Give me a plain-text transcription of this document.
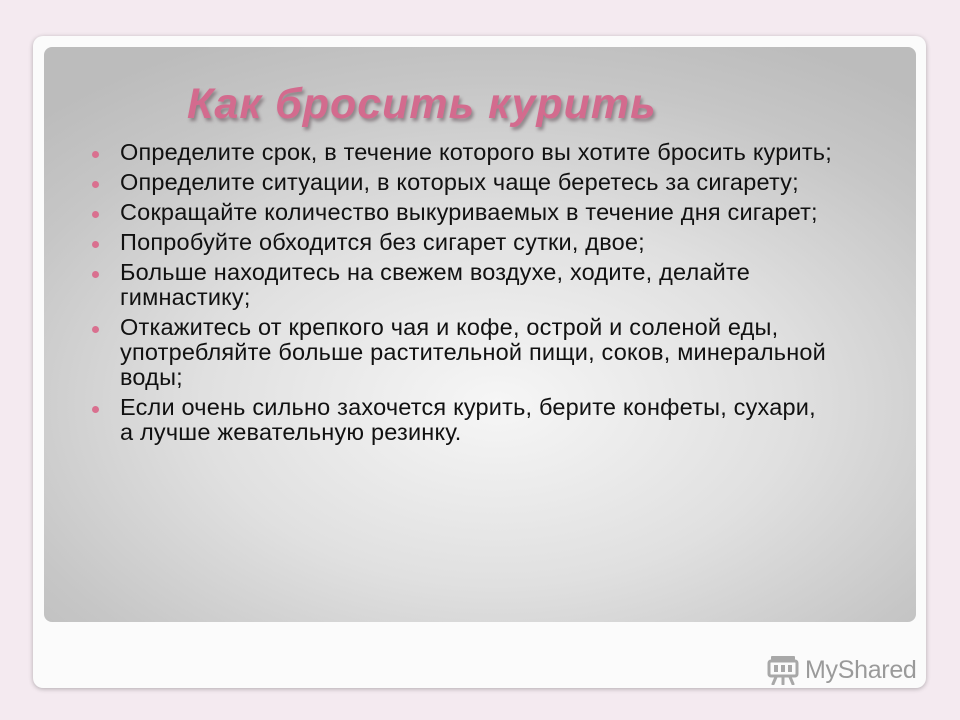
Как бросить курить
Определите срок, в течение которого вы хотите бросить курить;
Определите ситуации, в которых чаще беретесь за сигарету;
Сокращайте количество выкуриваемых в течение дня сигарет;
Попробуйте обходится без сигарет сутки, двое;
Больше находитесь на свежем воздухе, ходите, делайте гимнастику;
Откажитесь от крепкого чая и кофе, острой и соленой еды, употребляйте больше растительной пищи, соков, минеральной воды;
Если очень сильно захочется курить, берите конфеты, сухари, а лучше жевательную резинку.
MyShared
